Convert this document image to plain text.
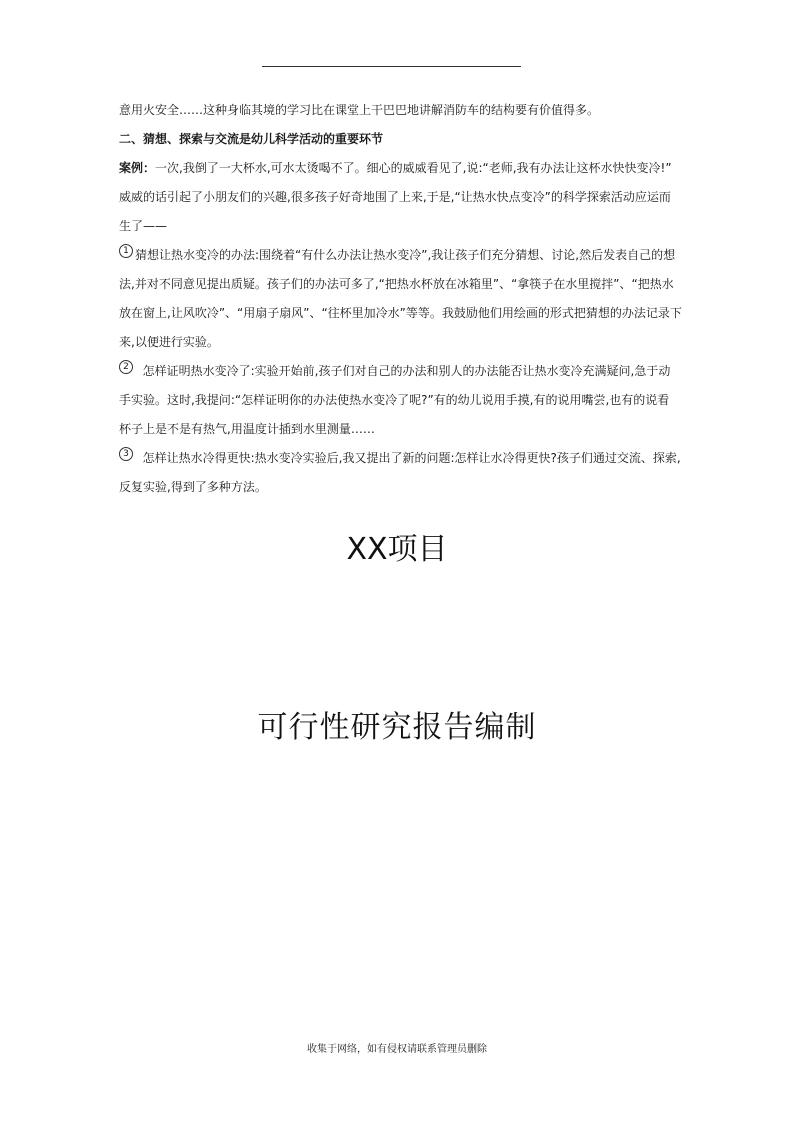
意用火安全……这种身临其境的学习比在课堂上干巴巴地讲解消防车的结构要有价值得多。
二、猜想、探索与交流是幼儿科学活动的重要环节
案例：一次,我倒了一大杯水,可水太烫喝不了。细心的威威看见了,说:“老师,我有办法让这杯水快快变冷!”
威威的话引起了小朋友们的兴趣,很多孩子好奇地围了上来,于是,“让热水快点变冷”的科学探索活动应运而
生了——
1 猜想让热水变冷的办法:围绕着“有什么办法让热水变冷”,我让孩子们充分猜想、讨论,然后发表自己的想
法,并对不同意见提出质疑。孩子们的办法可多了,“把热水杯放在冰箱里”、“拿筷子在水里搅拌”、“把热水
放在窗上,让风吹冷”、“用扇子扇风”、“往杯里加冷水”等等。我鼓励他们用绘画的形式把猜想的办法记录下
来,以便进行实验。
2 怎样证明热水变冷了:实验开始前,孩子们对自己的办法和别人的办法能否让热水变冷充满疑问,急于动
手实验。这时,我提问:“怎样证明你的办法使热水变冷了呢?”有的幼儿说用手摸,有的说用嘴尝,也有的说看
杯子上是不是有热气,用温度计插到水里测量……
3 怎样让热水冷得更快:热水变冷实验后,我又提出了新的问题:怎样让水冷得更快?孩子们通过交流、探索,
反复实验,得到了多种方法。
XX项目
可行性研究报告编制
收集于网络，如有侵权请联系管理员删除
